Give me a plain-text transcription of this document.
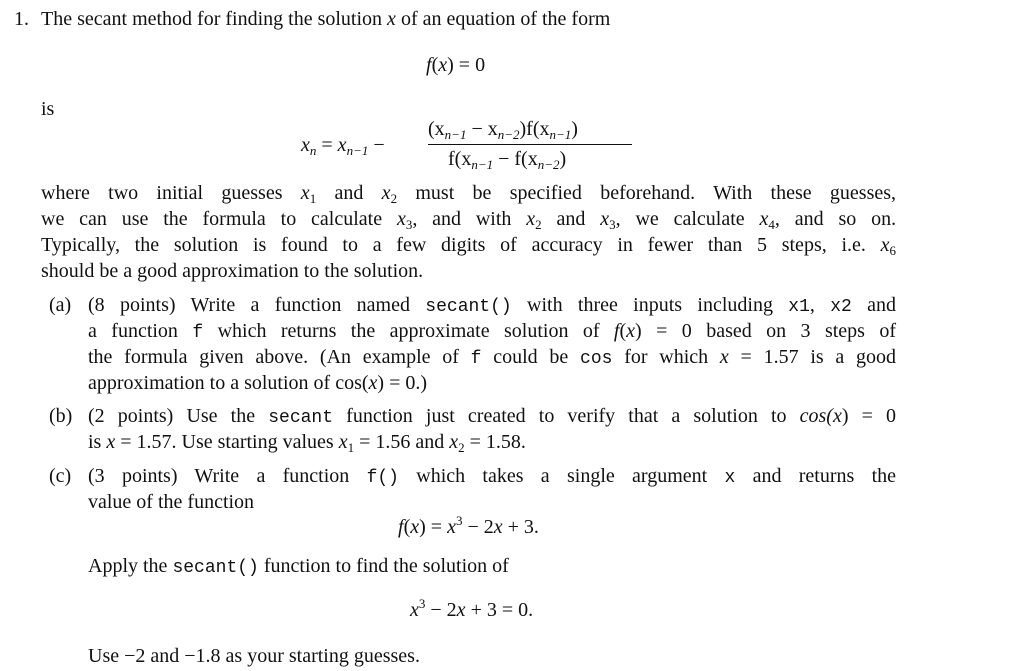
1. The secant method for finding the solution x of an equation of the form
f(x) = 0
is
$x_n = x_{n-1}$ −
$(x_{n-1} - x_{n-2})f(x_{n-1})$
$f(x_{n-1} - f(x_{n-2})$
where two initial guesses $x_1$ and $x_2$ must be specified beforehand. With these guesses,
we can use the formula to calculate $x_3$, and with $x_2$ and $x_3$, we calculate $x_4$, and so on.
Typically, the solution is found to a few digits of accuracy in fewer than 5 steps, i.e. $x_6$
should be a good approximation to the solution.
(a) (8 points) Write a function named secant() with three inputs including x1, x2 and
a function f which returns the approximate solution of f(x) = 0 based on 3 steps of
the formula given above. (An example of f could be cos for which x = 1.57 is a good
approximation to a solution of cos(x) = 0.)
(b) (2 points) Use the secant function just created to verify that a solution to cos(x) = 0
is x = 1.57. Use starting values $x_1 = 1.56$ and $x_2 = 1.58$.
(c) (3 points) Write a function f() which takes a single argument x and returns the
value of the function
$f(x) = x^3 - 2x + 3$.
Apply the secant() function to find the solution of
$x^3 - 2x + 3 = 0$.
Use −2 and −1.8 as your starting guesses.
